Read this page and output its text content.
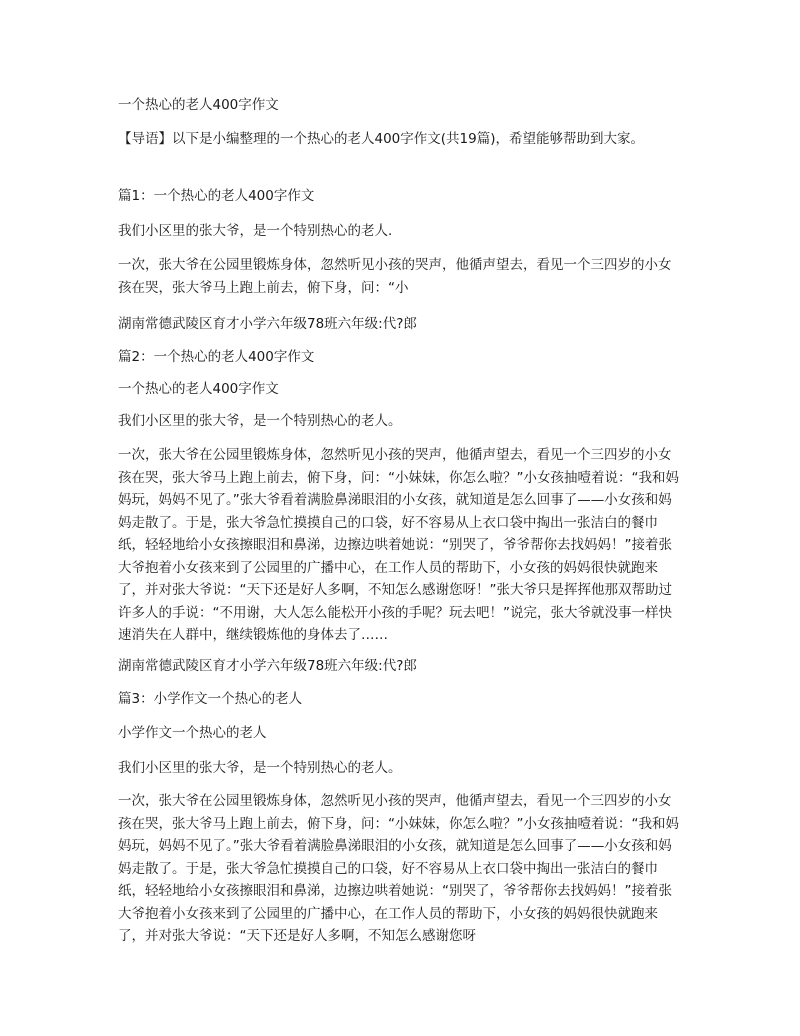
一个热心的老人400字作文

【导语】以下是小编整理的一个热心的老人400字作文(共19篇)，希望能够帮助到大家。

篇1：一个热心的老人400字作文

我们小区里的张大爷，是一个特别热心的老人.

一次，张大爷在公园里锻炼身体，忽然听见小孩的哭声，他循声望去，看见一个三四岁的小女孩在哭，张大爷马上跑上前去，俯下身，问：“小

湖南常德武陵区育才小学六年级78班六年级:代?郎

篇2：一个热心的老人400字作文

一个热心的老人400字作文

我们小区里的张大爷，是一个特别热心的老人。

一次，张大爷在公园里锻炼身体，忽然听见小孩的哭声，他循声望去，看见一个三四岁的小女孩在哭，张大爷马上跑上前去，俯下身，问：“小妹妹，你怎么啦？”小女孩抽噎着说：“我和妈妈玩，妈妈不见了。”张大爷看着满脸鼻涕眼泪的小女孩，就知道是怎么回事了——小女孩和妈妈走散了。于是，张大爷急忙摸摸自己的口袋，好不容易从上衣口袋中掏出一张洁白的餐巾纸，轻轻地给小女孩擦眼泪和鼻涕，边擦边哄着她说：“别哭了，爷爷帮你去找妈妈！”接着张大爷抱着小女孩来到了公园里的广播中心，在工作人员的帮助下，小女孩的妈妈很快就跑来了，并对张大爷说：“天下还是好人多啊，不知怎么感谢您呀！”张大爷只是挥挥他那双帮助过许多人的手说：“不用谢，大人怎么能松开小孩的手呢？玩去吧！”说完，张大爷就没事一样快速消失在人群中，继续锻炼他的身体去了……

湖南常德武陵区育才小学六年级78班六年级:代?郎

篇3：小学作文一个热心的老人

小学作文一个热心的老人

我们小区里的张大爷，是一个特别热心的老人。

一次，张大爷在公园里锻炼身体，忽然听见小孩的哭声，他循声望去，看见一个三四岁的小女孩在哭，张大爷马上跑上前去，俯下身，问：“小妹妹，你怎么啦？”小女孩抽噎着说：“我和妈妈玩，妈妈不见了。”张大爷看着满脸鼻涕眼泪的小女孩，就知道是怎么回事了——小女孩和妈妈走散了。于是，张大爷急忙摸摸自己的口袋，好不容易从上衣口袋中掏出一张洁白的餐巾纸，轻轻地给小女孩擦眼泪和鼻涕，边擦边哄着她说：“别哭了，爷爷帮你去找妈妈！”接着张大爷抱着小女孩来到了公园里的广播中心，在工作人员的帮助下，小女孩的妈妈很快就跑来了，并对张大爷说：“天下还是好人多啊，不知怎么感谢您呀
